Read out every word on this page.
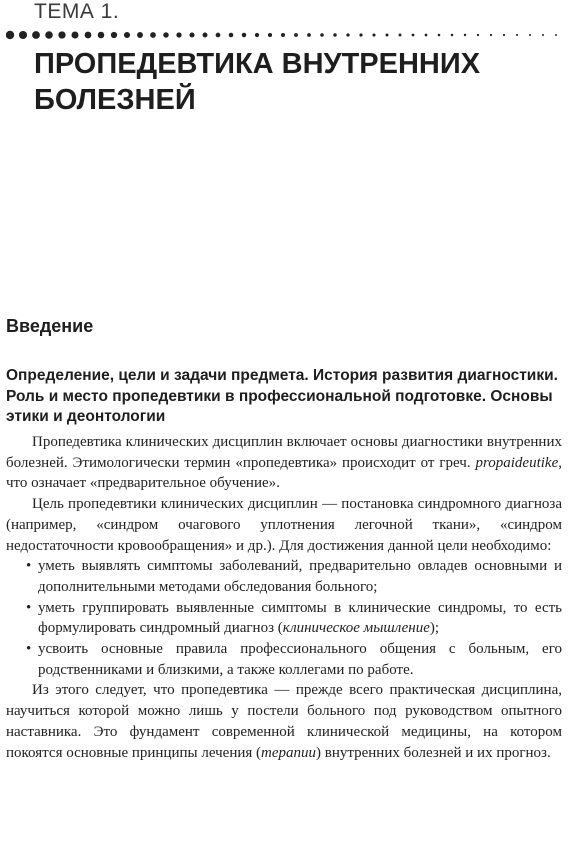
ТЕМА 1.
ПРОПЕДЕВТИКА ВНУТРЕННИХ БОЛЕЗНЕЙ
Введение
Определение, цели и задачи предмета. История развития диагностики. Роль и место пропедевтики в профессиональной подготовке. Основы этики и деонтологии

Пропедевтика клинических дисциплин включает основы диагностики внутренних болезней. Этимологически термин «пропедевтика» происходит от греч. propaideutike, что означает «предварительное обучение».

Цель пропедевтики клинических дисциплин — постановка синдромного диагноза (например, «синдром очагового уплотнения легочной ткани», «синдром недостаточности кровообращения» и др.). Для достижения данной цели необходимо:

• уметь выявлять симптомы заболеваний, предварительно овладев основными и дополнительными методами обследования больного;
• уметь группировать выявленные симптомы в клинические синдромы, то есть формулировать синдромный диагноз (клиническое мышление);
• усвоить основные правила профессионального общения с больным, его родственниками и близкими, а также коллегами по работе.

Из этого следует, что пропедевтика — прежде всего практическая дисциплина, научиться которой можно лишь у постели больного под руководством опытного наставника. Это фундамент современной клинической медицины, на котором покоятся основные принципы лечения (терапии) внутренних болезней и их прогноз.
